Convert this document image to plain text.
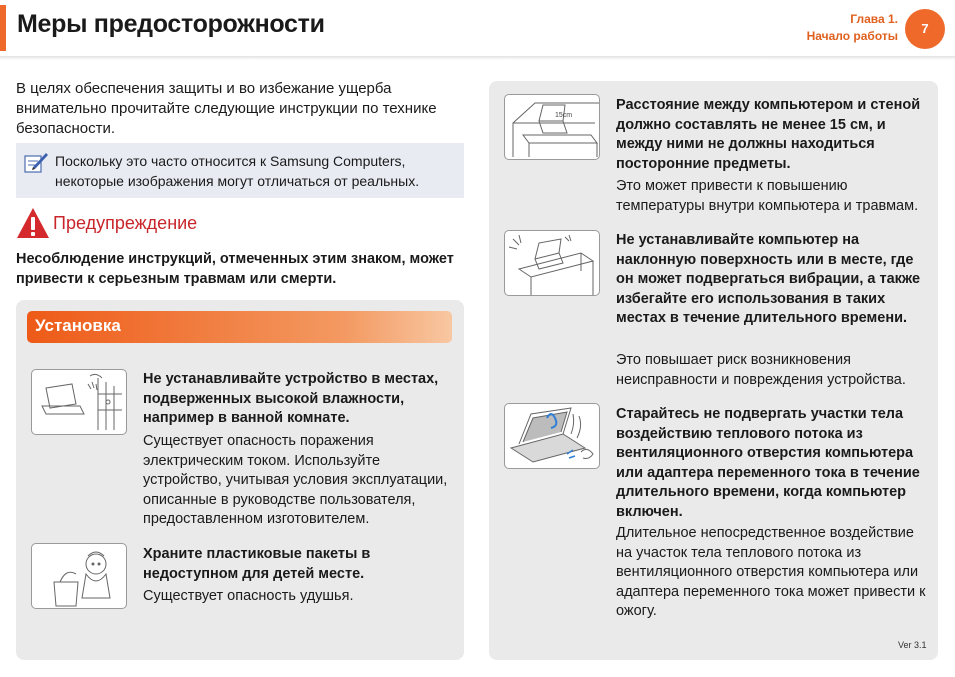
Меры предосторожности	Глава 1.
Начало работы	7
В целях обеспечения защиты и во избежание ущерба внимательно прочитайте следующие инструкции по технике безопасности.
Поскольку это часто относится к Samsung Computers, некоторые изображения могут отличаться от реальных.
Предупреждение
Несоблюдение инструкций, отмеченных этим знаком, может привести к серьезным травмам или смерти.
Установка
Не устанавливайте устройство в местах, подверженных высокой влажности, например в ванной комнате.
Существует опасность поражения электрическим током. Используйте устройство, учитывая условия эксплуатации, описанные в руководстве пользователя, предоставленном изготовителем.
Храните пластиковые пакеты в недоступном для детей месте.
Существует опасность удушья.
15cm
Расстояние между компьютером и стеной должно составлять не менее 15 см, и между ними не должны находиться посторонние предметы.
Это может привести к повышению температуры внутри компьютера и травмам.
Не устанавливайте компьютер на наклонную поверхность или в месте, где он может подвергаться вибрации, а также избегайте его использования в таких местах в течение длительного времени.
Это повышает риск возникновения неисправности и повреждения устройства.
Старайтесь не подвергать участки тела воздействию теплового потока из вентиляционного отверстия компьютера или адаптера переменного тока в течение длительного времени, когда компьютер включен.
Длительное непосредственное воздействие на участок тела теплового потока из вентиляционного отверстия компьютера или адаптера переменного тока может привести к ожогу.
Ver 3.1
